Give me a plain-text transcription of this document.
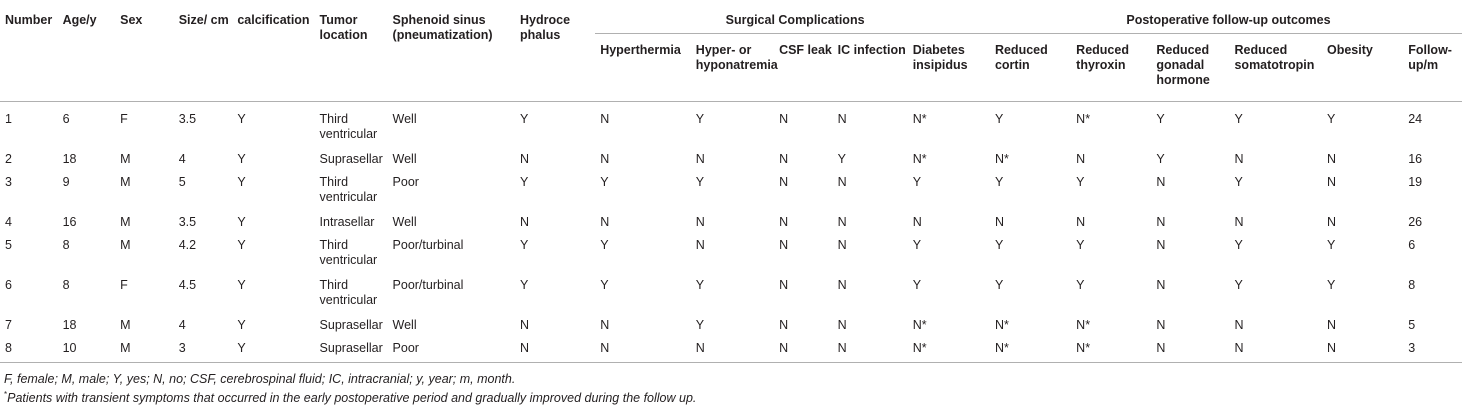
Number	Age/y	Sex	Size/ cm	calcification	Tumor location	Sphenoid sinus (pneumatization)	Hydroce phalus	Surgical Complications					Postoperative follow-up outcomes					
								Hyperthermia	Hyper- or hyponatremia	CSF leak	IC infection	Diabetes insipidus	Reduced cortin	Reduced thyroxin	Reduced gonadal hormone	Reduced somatotropin	Obesity	Follow- up/m
1	6	F	3.5	Y	Third ventricular	Well	Y	N	Y	N	N	N*	Y	N*	Y	Y	Y	24
2	18	M	4	Y	Suprasellar	Well	N	N	N	N	Y	N*	N*	N	Y	N	N	16
3	9	M	5	Y	Third ventricular	Poor	Y	Y	Y	N	N	Y	Y	Y	N	Y	N	19
4	16	M	3.5	Y	Intrasellar	Well	N	N	N	N	N	N	N	N	N	N	N	26
5	8	M	4.2	Y	Third ventricular	Poor/turbinal	Y	Y	N	N	N	Y	Y	Y	N	Y	Y	6
6	8	F	4.5	Y	Third ventricular	Poor/turbinal	Y	Y	Y	N	N	Y	Y	Y	N	Y	Y	8
7	18	M	4	Y	Suprasellar	Well	N	N	Y	N	N	N*	N*	N*	N	N	N	5
8	10	M	3	Y	Suprasellar	Poor	N	N	N	N	N	N*	N*	N*	N	N	N	3
F, female; M, male; Y, yes; N, no; CSF, cerebrospinal fluid; IC, intracranial; y, year; m, month.
*Patients with transient symptoms that occurred in the early postoperative period and gradually improved during the follow up.
